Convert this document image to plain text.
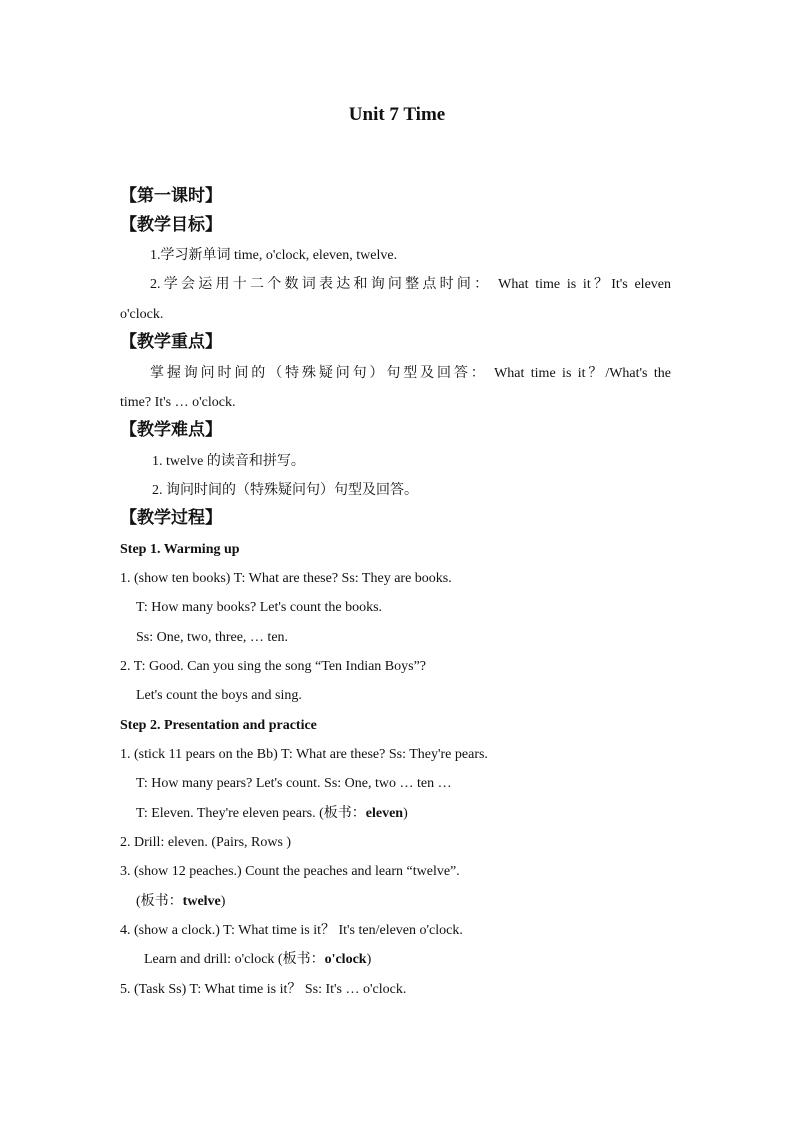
Unit 7 Time
【第一课时】
【教学目标】
1.学习新单词 time, o'clock, eleven, twelve.
2.学会运用十二个数词表达和询问整点时间： What time is it？It's eleven
o'clock.
【教学重点】
掌握询问时间的（特殊疑问句）句型及回答： What time is it？/What's the
time? It's … o'clock.
【教学难点】
1. twelve 的读音和拼写。
2. 询问时间的（特殊疑问句）句型及回答。
【教学过程】
Step 1. Warming up
1. (show ten books) T: What are these? Ss: They are books.
T: How many books? Let's count the books.
Ss: One, two, three, … ten.
2. T: Good. Can you sing the song “Ten Indian Boys”?
Let's count the boys and sing.
Step 2. Presentation and practice
1. (stick 11 pears on the Bb) T: What are these? Ss: They're pears.
T: How many pears? Let's count. Ss: One, two … ten …
T: Eleven. They're eleven pears. (板书：eleven)
2. Drill: eleven. (Pairs, Rows )
3. (show 12 peaches.) Count the peaches and learn “twelve”.
(板书：twelve)
4. (show a clock.) T: What time is it？ It's ten/eleven o'clock.
Learn and drill: o'clock (板书：o'clock)
5. (Task Ss) T: What time is it？ Ss: It's … o'clock.
